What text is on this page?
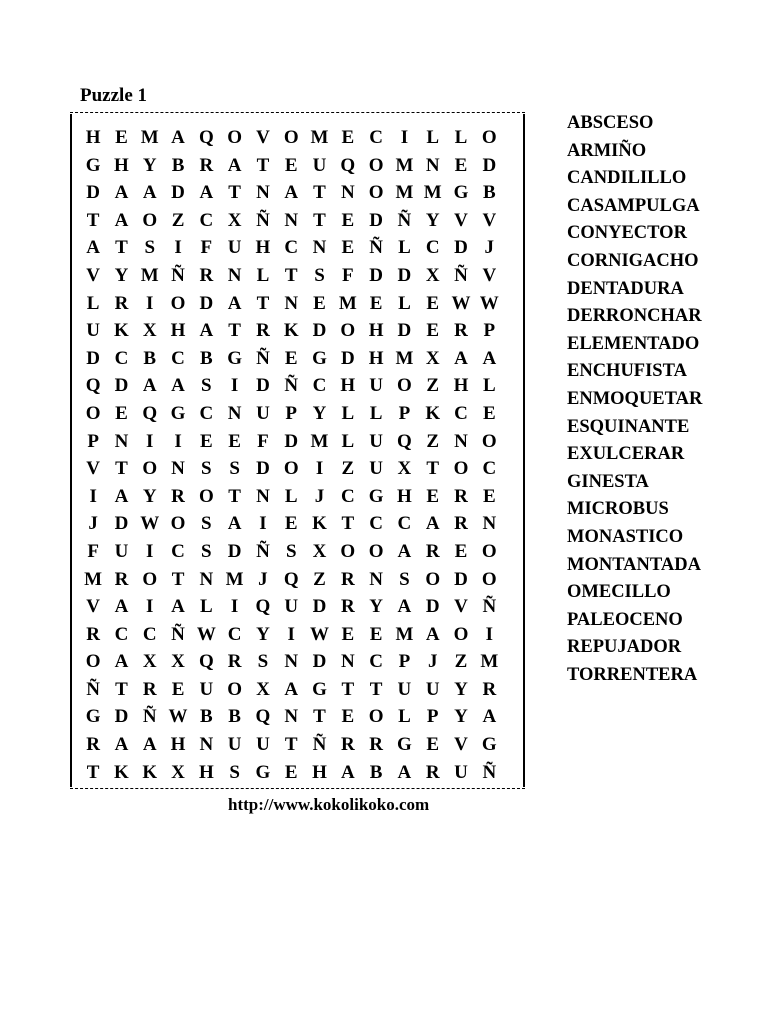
Puzzle 1
H E M A Q O V O M E C I L L O
G H Y B R A T E U Q O M N E D
D A A D A T N A T N O M M G B
T A O Z C X Ñ N T E D Ñ Y V V
A T S I F U H C N E Ñ L C D J
V Y M Ñ R N L T S F D D X Ñ V
L R I O D A T N E M E L E W W
U K X H A T R K D O H D E R P
D C B C B G Ñ E G D H M X A A
Q D A A S I D Ñ C H U O Z H L
O E Q G C N U P Y L L P K C E
P N I I E E F D M L U Q Z N O
V T O N S S D O I Z U X T O C
I A Y R O T N L J C G H E R E
J D W O S A I E K T C C A R N
F U I C S D Ñ S X O O A R E O
M R O T N M J Q Z R N S O D O
V A I A L I Q U D R Y A D V Ñ
R C C Ñ W C Y I W E E M A O I
O A X X Q R S N D N C P J Z M
Ñ T R E U O X A G T T U U Y R
G D Ñ W B B Q N T E O L P Y A
R A A H N U U T Ñ R R G E V G
T K K X H S G E H A B A R U Ñ
ABSCESO
ARMIÑO
CANDILILLO
CASAMPULGA
CONYECTOR
CORNIGACHO
DENTADURA
DERRONCHAR
ELEMENTADO
ENCHUFISTA
ENMOQUETAR
ESQUINANTE
EXULCERAR
GINESTA
MICROBUS
MONASTICO
MONTANTADA
OMECILLO
PALEOCENO
REPUJADOR
TORRENTERA
http://www.kokolikoko.com
